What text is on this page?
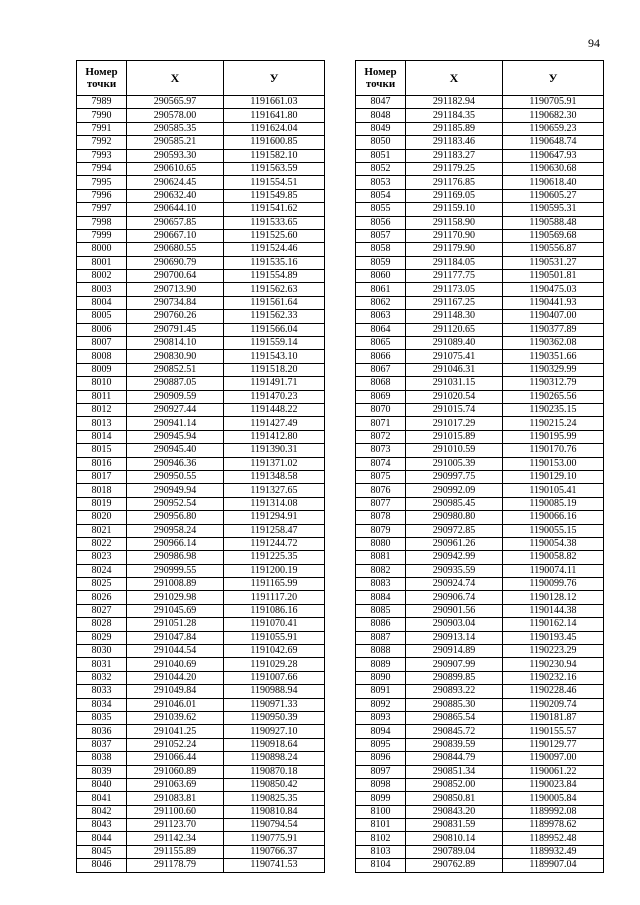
94
Номер точки	X	У
7989	290565.97	1191661.03
7990	290578.00	1191641.80
7991	290585.35	1191624.04
7992	290585.21	1191600.85
7993	290593.30	1191582.10
7994	290610.65	1191563.59
7995	290624.45	1191554.51
7996	290632.40	1191549.85
7997	290644.10	1191541.62
7998	290657.85	1191533.65
7999	290667.10	1191525.60
8000	290680.55	1191524.46
8001	290690.79	1191535.16
8002	290700.64	1191554.89
8003	290713.90	1191562.63
8004	290734.84	1191561.64
8005	290760.26	1191562.33
8006	290791.45	1191566.04
8007	290814.10	1191559.14
8008	290830.90	1191543.10
8009	290852.51	1191518.20
8010	290887.05	1191491.71
8011	290909.59	1191470.23
8012	290927.44	1191448.22
8013	290941.14	1191427.49
8014	290945.94	1191412.80
8015	290945.40	1191390.31
8016	290946.36	1191371.02
8017	290950.55	1191348.58
8018	290949.94	1191327.65
8019	290952.54	1191314.08
8020	290956.80	1191294.91
8021	290958.24	1191258.47
8022	290966.14	1191244.72
8023	290986.98	1191225.35
8024	290999.55	1191200.19
8025	291008.89	1191165.99
8026	291029.98	1191117.20
8027	291045.69	1191086.16
8028	291051.28	1191070.41
8029	291047.84	1191055.91
8030	291044.54	1191042.69
8031	291040.69	1191029.28
8032	291044.20	1191007.66
8033	291049.84	1190988.94
8034	291046.01	1190971.33
8035	291039.62	1190950.39
8036	291041.25	1190927.10
8037	291052.24	1190918.64
8038	291066.44	1190898.24
8039	291060.89	1190870.18
8040	291063.69	1190850.42
8041	291083.81	1190825.35
8042	291100.60	1190810.84
8043	291123.70	1190794.54
8044	291142.34	1190775.91
8045	291155.89	1190766.37
8046	291178.79	1190741.53
Номер точки	X	У
8047	291182.94	1190705.91
8048	291184.35	1190682.30
8049	291185.89	1190659.23
8050	291183.46	1190648.74
8051	291183.27	1190647.93
8052	291179.25	1190630.68
8053	291176.85	1190618.40
8054	291169.05	1190605.27
8055	291159.10	1190595.31
8056	291158.90	1190588.48
8057	291170.90	1190569.68
8058	291179.90	1190556.87
8059	291184.05	1190531.27
8060	291177.75	1190501.81
8061	291173.05	1190475.03
8062	291167.25	1190441.93
8063	291148.30	1190407.00
8064	291120.65	1190377.89
8065	291089.40	1190362.08
8066	291075.41	1190351.66
8067	291046.31	1190329.99
8068	291031.15	1190312.79
8069	291020.54	1190265.56
8070	291015.74	1190235.15
8071	291017.29	1190215.24
8072	291015.89	1190195.99
8073	291010.59	1190170.76
8074	291005.39	1190153.00
8075	290997.75	1190129.10
8076	290992.09	1190105.41
8077	290985.45	1190085.19
8078	290980.80	1190066.16
8079	290972.85	1190055.15
8080	290961.26	1190054.38
8081	290942.99	1190058.82
8082	290935.59	1190074.11
8083	290924.74	1190099.76
8084	290906.74	1190128.12
8085	290901.56	1190144.38
8086	290903.04	1190162.14
8087	290913.14	1190193.45
8088	290914.89	1190223.29
8089	290907.99	1190230.94
8090	290899.85	1190232.16
8091	290893.22	1190228.46
8092	290885.30	1190209.74
8093	290865.54	1190181.87
8094	290845.72	1190155.57
8095	290839.59	1190129.77
8096	290844.79	1190097.00
8097	290851.34	1190061.22
8098	290852.00	1190023.84
8099	290850.81	1190005.84
8100	290843.20	1189992.08
8101	290831.59	1189978.62
8102	290810.14	1189952.48
8103	290789.04	1189932.49
8104	290762.89	1189907.04
